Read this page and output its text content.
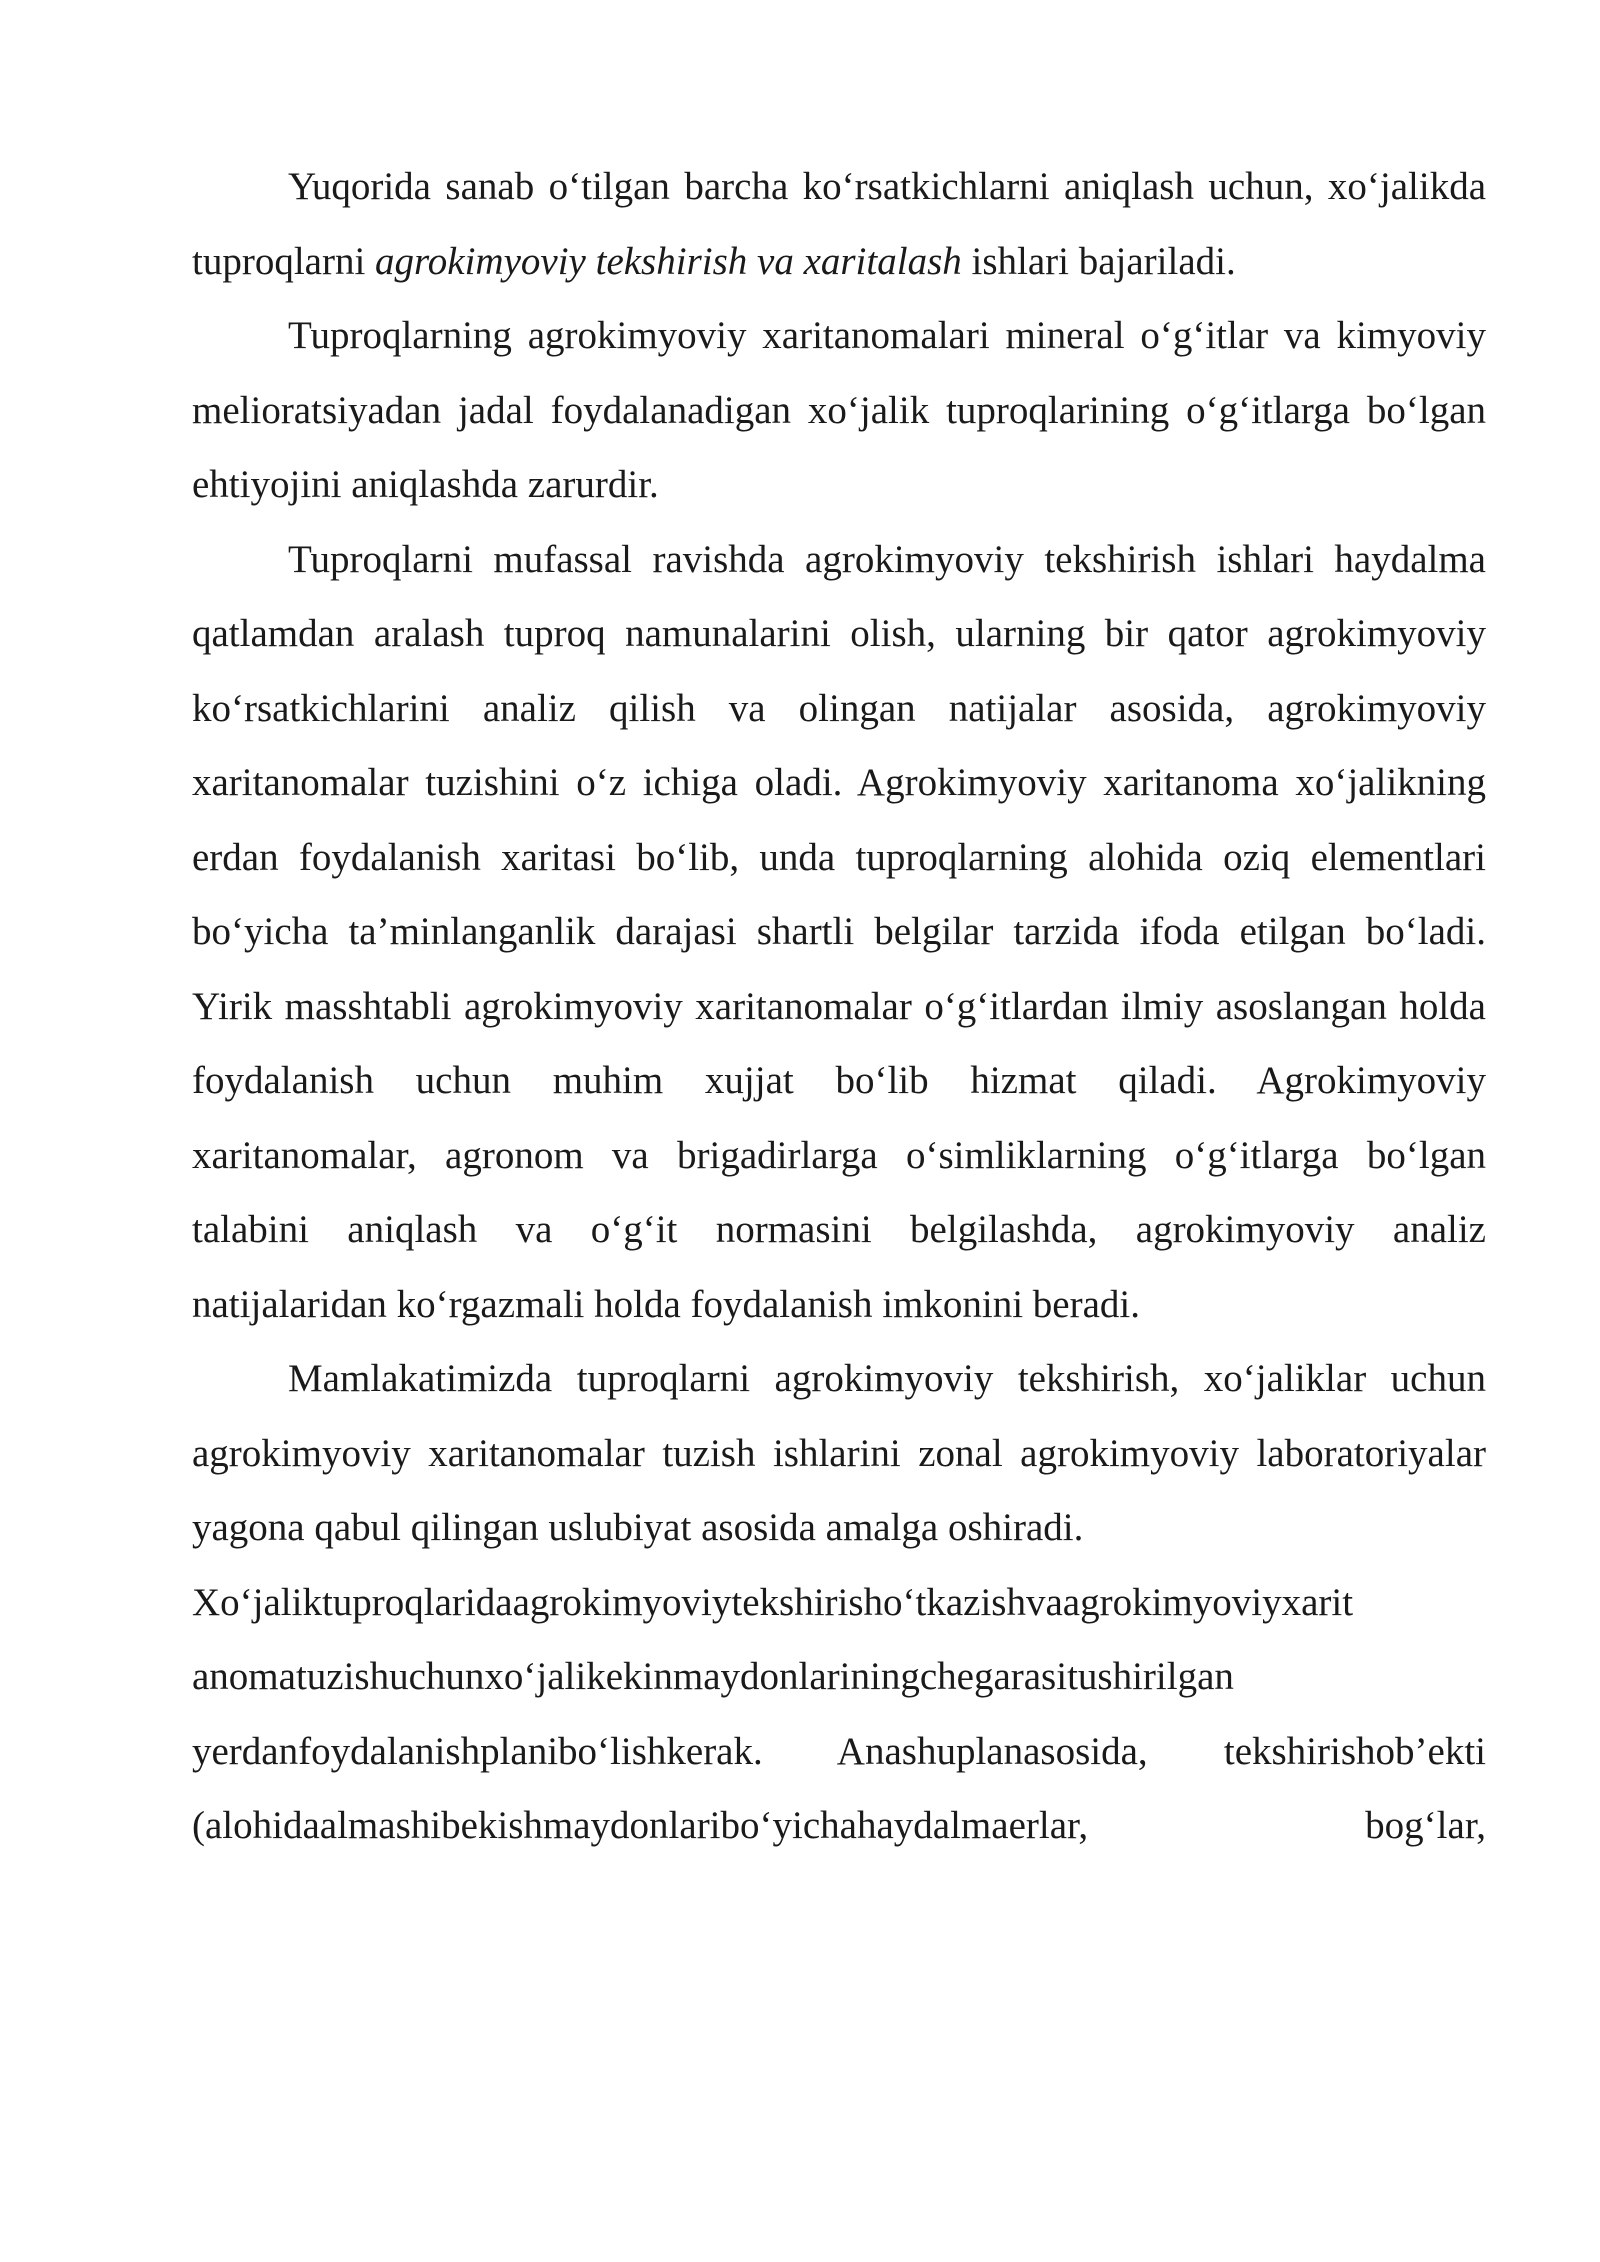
Yuqorida sanab o‘tilgan barcha ko‘rsatkichlarni aniqlash uchun, xo‘jalikda tuproqlarni agrokimyoviy tekshirish va xaritalash ishlari bajariladi.

Tuproqlarning agrokimyoviy xaritanomalari mineral o‘g‘itlar va kimyoviy melioratsiyadan jadal foydalanadigan xo‘jalik tuproqlarining o‘g‘itlarga bo‘lgan ehtiyojini aniqlashda zarurdir.

Tuproqlarni mufassal ravishda agrokimyoviy tekshirish ishlari haydalma qatlamdan aralash tuproq namunalarini olish, ularning bir qator agrokimyoviy ko‘rsatkichlarini analiz qilish va olingan natijalar asosida, agrokimyoviy xaritanomalar tuzishini o‘z ichiga oladi. Agrokimyoviy xaritanoma xo‘jalikning erdan foydalanish xaritasi bo‘lib, unda tuproqlarning alohida oziq elementlari bo‘yicha ta’minlanganlik darajasi shartli belgilar tarzida ifoda etilgan bo‘ladi. Yirik masshtabli agrokimyoviy xaritanomalar o‘g‘itlardan ilmiy asoslangan holda foydalanish uchun muhim xujjat bo‘lib hizmat qiladi. Agrokimyoviy xaritanomalar, agronom va brigadirlarga o‘simliklarning o‘g‘itlarga bo‘lgan talabini aniqlash va o‘g‘it normasini belgilashda, agrokimyoviy analiz natijalaridan ko‘rgazmali holda foydalanish imkonini beradi.

Mamlakatimizda tuproqlarni agrokimyoviy tekshirish, xo‘jaliklar uchun agrokimyoviy xaritanomalar tuzish ishlarini zonal agrokimyoviy laboratoriyalar yagona qabul qilingan uslubiyat asosida amalga oshiradi.

Xo‘jaliktuproqlaridaagrokimyoviytekshirisho‘tkazishvaagrokimyoviyxarit
anomatuzishuchunxo‘jalikekinmaydonlariningchegarasitushirilgan
yerdanfoydalanishplanibo‘lishkerak. Anashuplanasosida, tekshirishob’ekti
(alohidaalmashibekishmaydonlaribo‘yichahaydalmaerlar,                bog‘lar,
